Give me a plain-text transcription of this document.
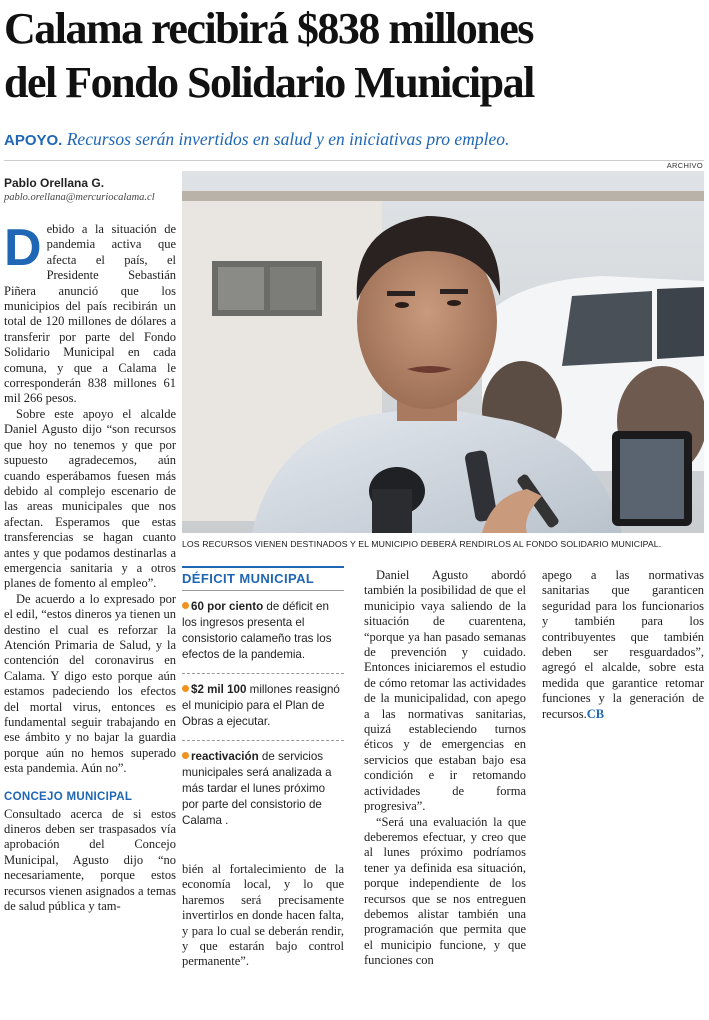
Calama recibirá $838 millones
del Fondo Solidario Municipal
APOYO. Recursos serán invertidos en salud y en iniciativas pro empleo.
Pablo Orellana G.
pablo.orellana@mercuriocalama.cl
ARCHIVO
LOS RECURSOS VIENEN DESTINADOS Y EL MUNICIPIO DEBERÁ RENDIRLOS AL FONDO SOLIDARIO MUNICIPAL.

Debido a la situación de pandemia activa que afecta el país, el Presidente Sebastián Piñera anunció que los municipios del país recibirán un total de 120 millones de dólares a transferir por parte del Fondo Solidario Municipal en cada comuna, y que a Calama le corresponderán 838 millones 61 mil 266 pesos.

Sobre este apoyo el alcalde Daniel Agusto dijo “son recursos que hoy no tenemos y que por supuesto agradecemos, aún cuando esperábamos fuesen más debido al complejo escenario de las areas municipales que nos afectan. Esperamos que estas transferencias se hagan cuanto antes y que podamos destinarlas a emergencia sanitaria y a otros planes de fomento al empleo”.

De acuerdo a lo expresado por el edil, “estos dineros ya tienen un destino el cual es reforzar la Atención Primaria de Salud, y la contención del coronavirus en Calama. Y digo esto porque aún estamos padeciendo los efectos del mortal virus, entonces es fundamental seguir trabajando en ese ámbito y no bajar la guardia porque aún no hemos superado esta pandemia. Aún no”.

CONCEJO MUNICIPAL

Consultado acerca de si estos dineros deben ser traspasados vía aprobación del Concejo Municipal, Agusto dijo “no necesariamente, porque estos recursos vienen asignados a temas de salud pública y tam-

DÉFICIT MUNICIPAL
60 por ciento de déficit en los ingresos presenta el consistorio calameño tras los efectos de la pandemia.
$2 mil 100 millones reasignó el municipio para el Plan de Obras a ejecutar.
reactivación de servicios municipales será analizada a más tardar el lunes próximo por parte del consistorio de Calama .

bién al fortalecimiento de la economía local, y lo que haremos será precisamente invertirlos en donde hacen falta, y para lo cual se deberán rendir, y que estarán bajo control permanente”.

Daniel Agusto abordó también la posibilidad de que el municipio vaya saliendo de la situación de cuarentena, “porque ya han pasado semanas de prevención y cuidado. Entonces iniciaremos el estudio de cómo retomar las actividades de la municipalidad, con apego a las normativas sanitarias, quizá estableciendo turnos éticos y de emergencias en servicios que estaban bajo esa condición e ir retomando actividades de forma progresiva”.

“Será una evaluación la que deberemos efectuar, y creo que al lunes próximo podríamos tener ya definida esa situación, porque independiente de los recursos que se nos entreguen debemos alistar también una programación que permita que el municipio funcione, y que funciones con

apego a las normativas sanitarias que garanticen seguridad para los funcionarios y también para los contribuyentes que también deben ser resguardados”, agregó el alcalde, sobre esta medida que garantice retomar funciones y la generación de recursos.CB
